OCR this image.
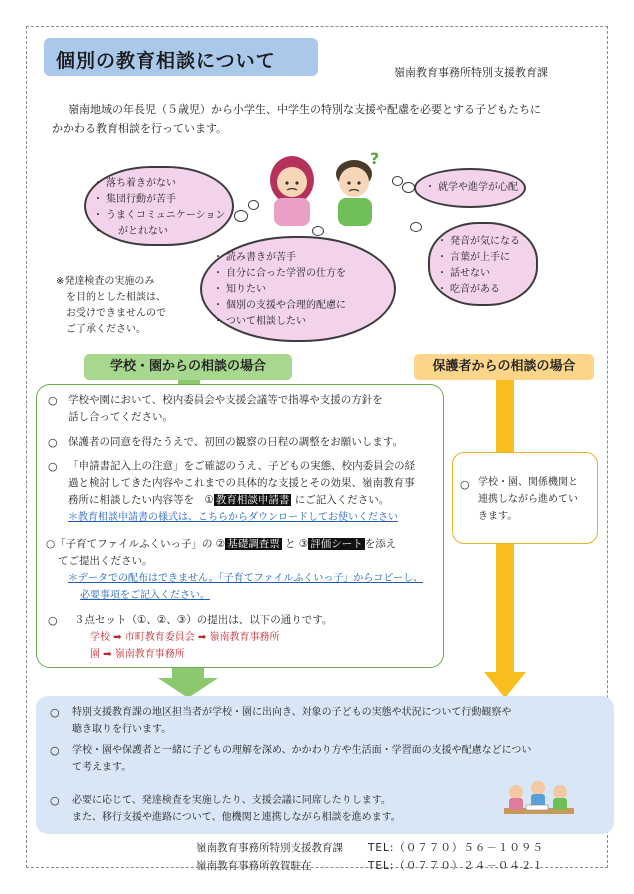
個別の教育相談について
嶺南教育事務所特別支援教育課

嶺南地域の年長児（５歳児）から小学生、中学生の特別な支援や配慮を必要とする子どもたちに

かかわる教育相談を行っています。

?
・ 落ち着きがない
・ 集団行動が苦手
・ うまくコミュニケーション
・ がとれない
・ 就学や進学が心配
・ 読み書きが苦手
・ 自分に合った学習の仕方を
・ 知りたい
・ 個別の支援や合理的配慮に
・ ついて相談したい
・ 発音が気になる
・ 言葉が上手に
・ 話せない
・ 吃音がある
※発達検査の実施のみ
を目的とした相談は、
お受けできませんので
ご了承ください。
学校・園からの相談の場合	保護者からの相談の場合
○ 学校や園において、校内委員会や支援会議等で指導や支援の方針を
話し合ってください。
○ 保護者の同意を得たうえで、初回の観察の日程の調整をお願いします。
○ 「申請書記入上の注意」をご確認のうえ、子どもの実態、校内委員会の経
過と検討してきた内容やこれまでの具体的な支援とその効果、嶺南教育事
務所に相談したい内容等を　① 教育相談申請書 にご記入ください。
＊教育相談申請書の様式は、こちらからダウンロードしてお使いください
○「子育てファイルふくいっ子」の ② 基礎調査票 と ③ 評価シート を添え
てご提出ください。
＊データでの配布はできません。「子育てファイルふくいっ子」からコピーし、
必要事項をご記入ください。
○ ３点セット（①、②、③）の提出は、以下の通りです。
学校 ➡ 市町教育委員会 ➡ 嶺南教育事務所
園 ➡ 嶺南教育事務所
○ 学校・園、関係機関と
連携しながら進めてい
きます。
○ 特別支援教育課の地区担当者が学校・園に出向き、対象の子どもの実態や状況について行動観察や
聴き取りを行います。
○ 学校・園や保護者と一緒に子どもの理解を深め、かかわり方や生活面・学習面の支援や配慮などについ
て考えます。
○ 必要に応じて、発達検査を実施したり、支援会議に同席したりします。
また、移行支援や進路について、他機関と連携しながら相談を進めます。
嶺南教育事務所特別支援教育課 TEL:（０７７０）５６－１０９５
嶺南教育事務所敦賀駐在	TEL:（０７７０）２４－０４２１
